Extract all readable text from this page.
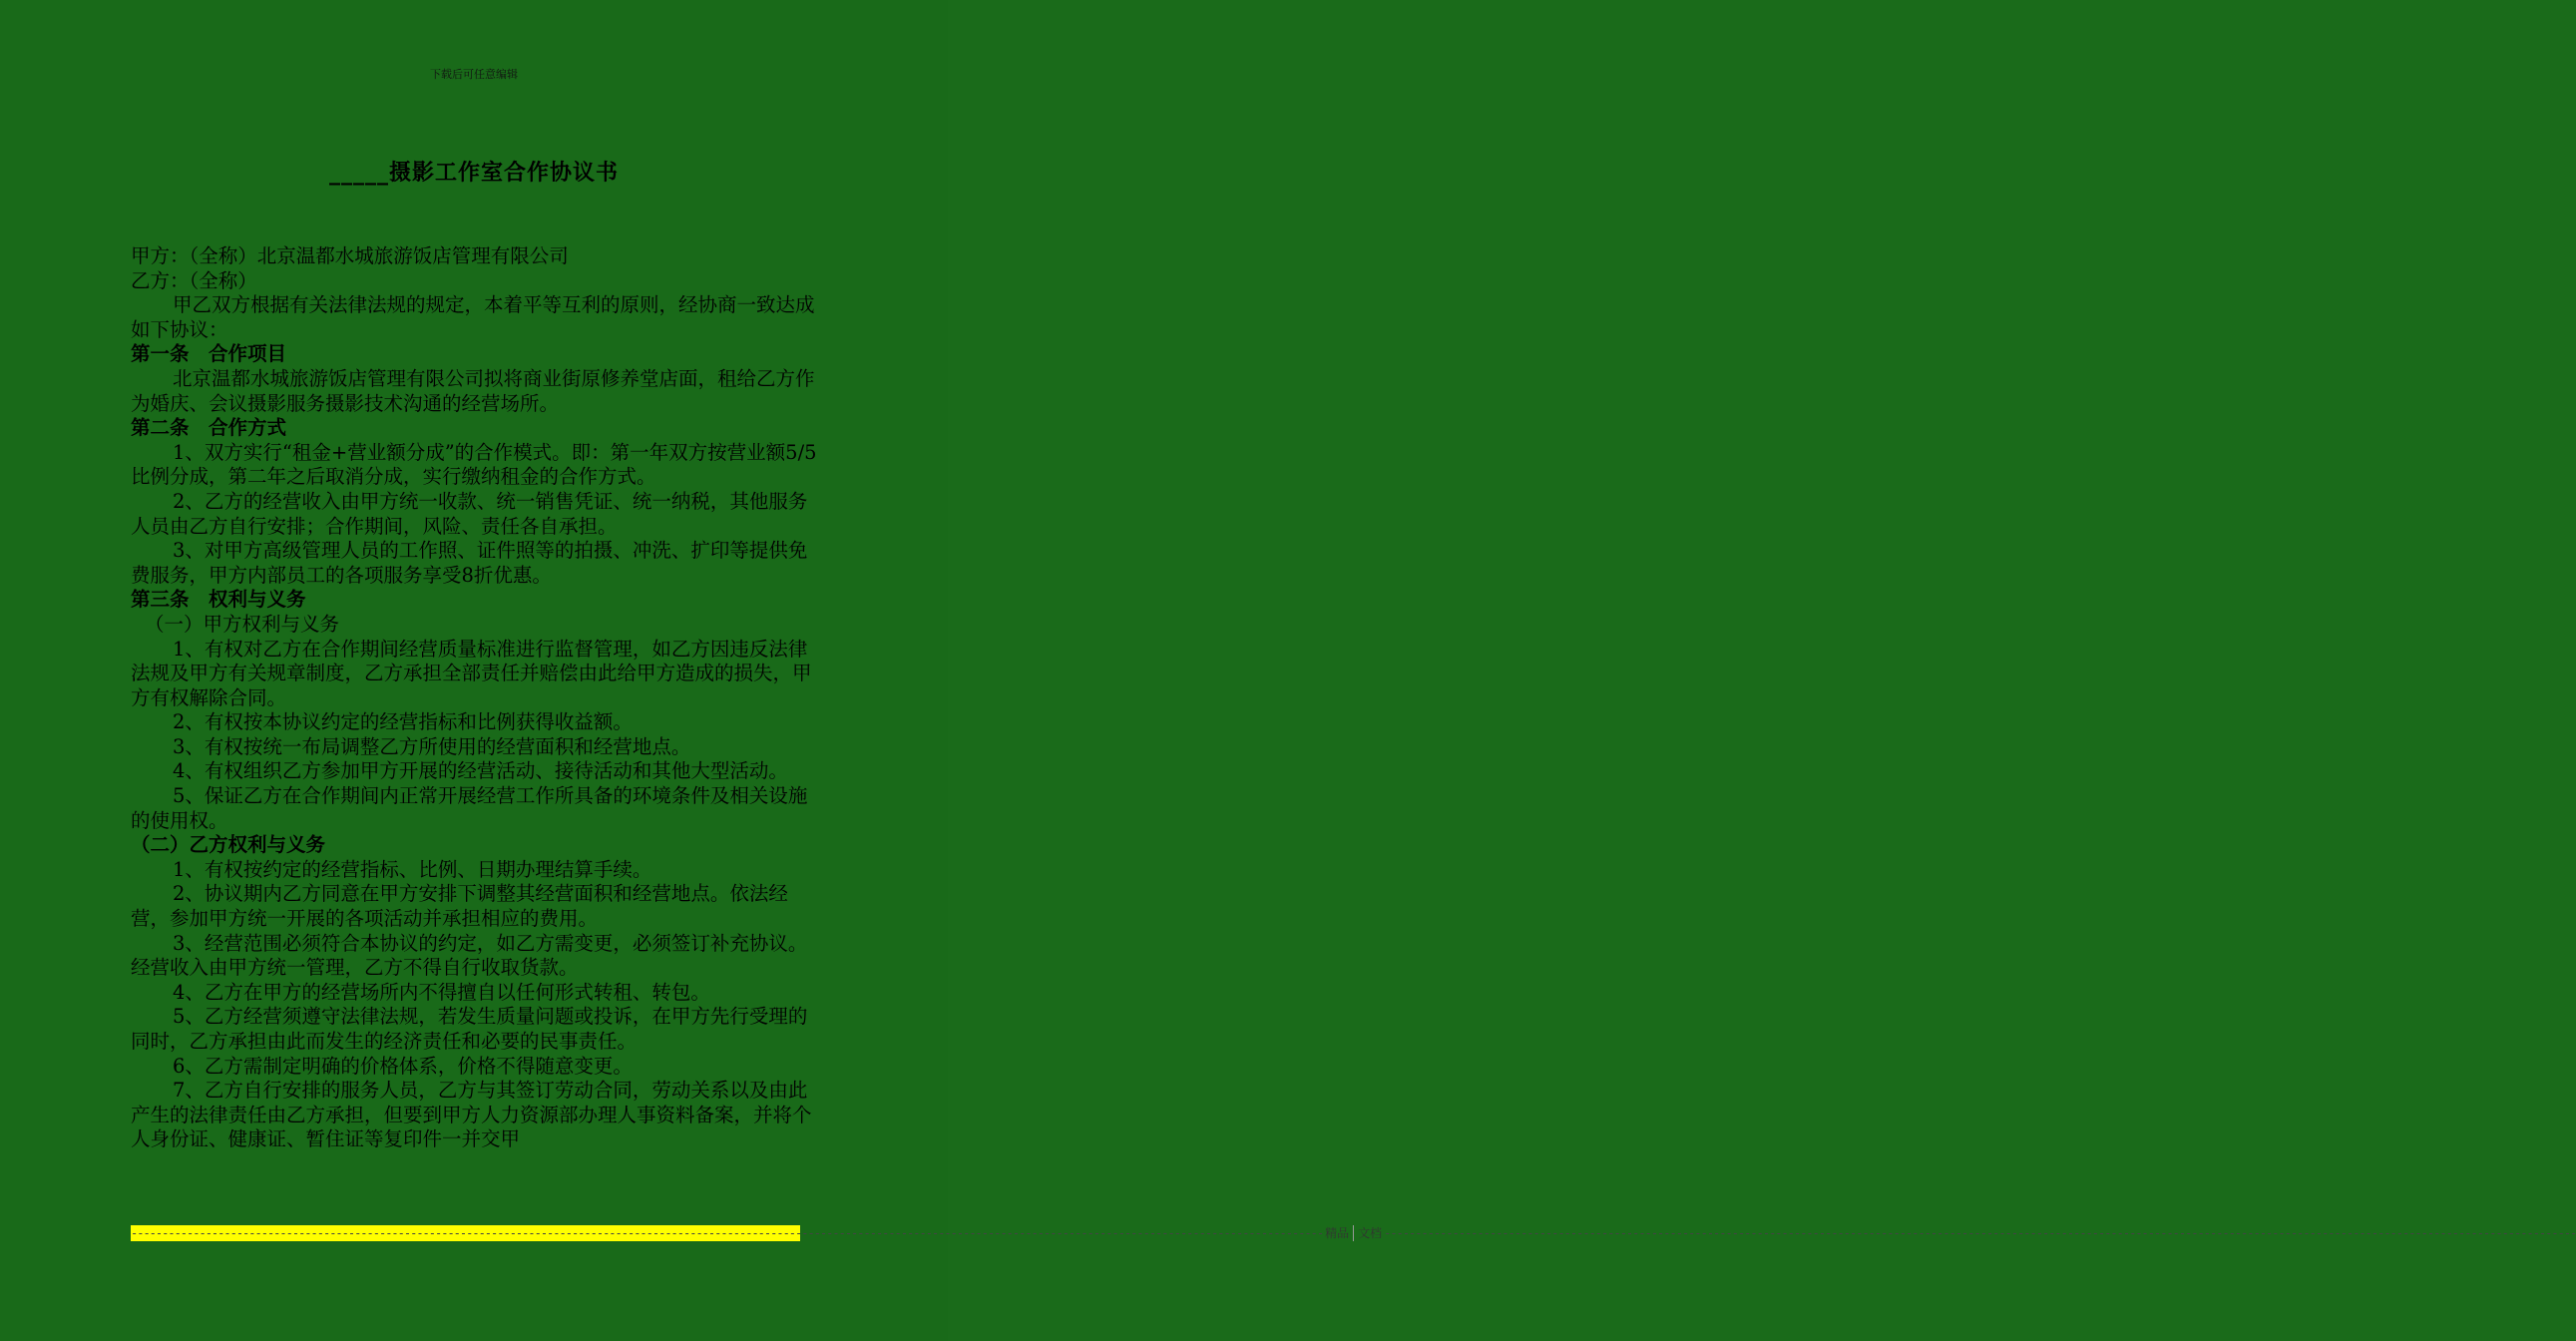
下载后可任意编辑
_____摄影工作室合作协议书

甲方：（全称）北京温都水城旅游饭店管理有限公司

乙方：（全称）

甲乙双方根据有关法律法规的规定，本着平等互利的原则，经协商一致达成如下协议：

第一条　合作项目

北京温都水城旅游饭店管理有限公司拟将商业街原修养堂店面，租给乙方作为婚庆、会议摄影服务摄影技术沟通的经营场所。

第二条　合作方式

1、双方实行“租金+营业额分成”的合作模式。即：第一年双方按营业额5/5比例分成，第二年之后取消分成，实行缴纳租金的合作方式。

2、乙方的经营收入由甲方统一收款、统一销售凭证、统一纳税，其他服务人员由乙方自行安排；合作期间，风险、责任各自承担。

3、对甲方高级管理人员的工作照、证件照等的拍摄、冲洗、扩印等提供免费服务，甲方内部员工的各项服务享受8折优惠。

第三条　权利与义务

（一）甲方权利与义务

1、有权对乙方在合作期间经营质量标准进行监督管理，如乙方因违反法律法规及甲方有关规章制度，乙方承担全部责任并赔偿由此给甲方造成的损失，甲方有权解除合同。

2、有权按本协议约定的经营指标和比例获得收益额。

3、有权按统一布局调整乙方所使用的经营面积和经营地点。

4、有权组织乙方参加甲方开展的经营活动、接待活动和其他大型活动。

5、保证乙方在合作期间内正常开展经营工作所具备的环境条件及相关设施的使用权。

（二）乙方权利与义务

1、有权按约定的经营指标、比例、日期办理结算手续。

2、协议期内乙方同意在甲方安排下调整其经营面积和经营地点。依法经营，参加甲方统一开展的各项活动并承担相应的费用。

3、经营范围必须符合本协议的约定，如乙方需变更，必须签订补充协议。经营收入由甲方统一管理，乙方不得自行收取货款。

4、乙方在甲方的经营场所内不得擅自以任何形式转租、转包。

5、乙方经营须遵守法律法规，若发生质量问题或投诉，在甲方先行受理的同时，乙方承担由此而发生的经济责任和必要的民事责任。

6、乙方需制定明确的价格体系，价格不得随意变更。

7、乙方自行安排的服务人员，乙方与其签订劳动合同，劳动关系以及由此产生的法律责任由乙方承担，但要到甲方人力资源部办理人事资料备案，并将个人身份证、健康证、暂住证等复印件一并交甲

------------------------------------------------------------------------------------------------------------------------------------------------------------------------------------------------ 精品 文档 ------------------------------------------------------------------------------------------------------------------------------------------------------------------------------------------------
